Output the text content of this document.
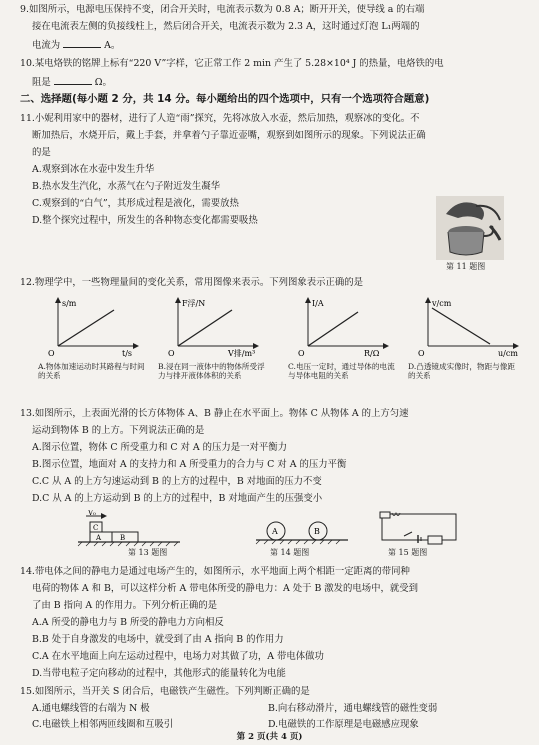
9.如图所示，电源电压保持不变，闭合开关时，电流表示数为 0.8 A；断开开关，使导线 a 的右端
接在电流表左侧的负接线柱上，然后闭合开关，电流表示数为 2.3 A，这时通过灯泡 L₁两端的
电流为	A。
10.某电烙铁的铭牌上标有“220 V”字样，它正常工作 2 min 产生了 5.28×10⁴ J 的热量，电烙铁的电
阻是	Ω。
二、选择题(每小题 2 分，共 14 分。每小题给出的四个选项中，只有一个选项符合题意)
11.小妮利用家中的器材，进行了人造“雨”探究，先将冰放入水壶，然后加热，观察冰的变化。不
断加热后，水烧开后，戴上手套，并拿着勺子靠近壶嘴，观察到如图所示的现象。下列说法正确
的是
A.观察到冰在水壶中发生升华
B.热水发生汽化，水蒸气在勺子附近发生凝华
C.观察到的“白气”，其形成过程是液化，需要放热
D.整个探究过程中，所发生的各种物态变化都需要吸热
第 11 题图
12.物理学中，一些物理量间的变化关系，常用图像来表示。下列图象表示正确的是
s/m
t/s
O
F浮/N
V排/m³
O
I/A
R/Ω
O
v/cm
u/cm
O
A.物体加速运动时其路程与时间的关系
B.浸在同一液体中的物体所受浮力与排开液体体积的关系
C.电压一定时，通过导体的电流与导体电阻的关系
D.凸透镜成实像时，物距与像距的关系
13.如图所示，上表面光滑的长方体物体 A、B 静止在水平面上。物体 C 从物体 A 的上方匀速
运动到物体 B 的上方。下列说法正确的是
A.图示位置，物体 C 所受重力和 C 对 A 的压力是一对平衡力
B.图示位置，地面对 A 的支持力和 A 所受重力的合力与 C 对 A 的压力平衡
C.C 从 A 的上方匀速运动到 B 的上方的过程中，B 对地面的压力不变
D.C 从 A 的上方运动到 B 的上方的过程中，B 对地面产生的压强变小
V₀
C
A	B
第 13 题图
A	B
第 14 题图	第 15 题图
14.带电体之间的静电力是通过电场产生的，如图所示，水平地面上两个相距一定距离的带同种
电荷的物体 A 和 B，可以这样分析 A 带电体所受的静电力：A 处于 B 激发的电场中，就受到
了由 B 指向 A 的作用力。下列分析正确的是
A.A 所受的静电力与 B 所受的静电力方向相反
B.B 处于自身激发的电场中，就受到了由 A 指向 B 的作用力
C.A 在水平地面上向左运动过程中，电场力对其做了功，A 带电体做功
D.当带电粒子定向移动的过程中，其他形式的能量转化为电能
15.如图所示，当开关 S 闭合后，电磁铁产生磁性。下列判断正确的是
A.通电螺线管的右端为 N 极	B.向右移动滑片，通电螺线管的磁性变弱
C.电磁铁上相邻两匝线圈和互吸引	D.电磁铁的工作原理是电磁感应现象
第 2 页(共 4 页)
